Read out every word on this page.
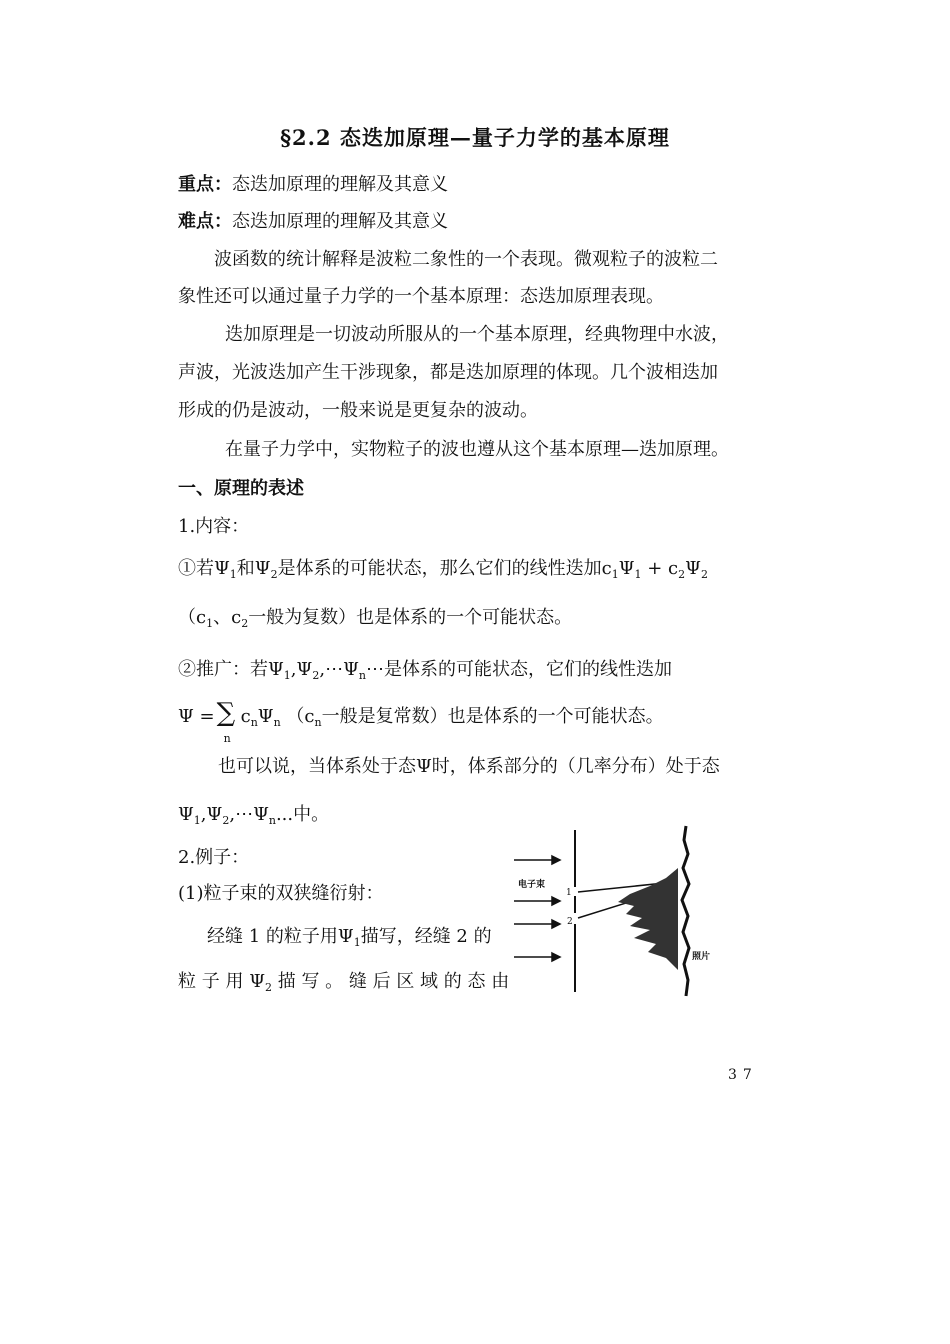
§2.2 态迭加原理—量子力学的基本原理
重点：态迭加原理的理解及其意义
难点：态迭加原理的理解及其意义
波函数的统计解释是波粒二象性的一个表现。微观粒子的波粒二
象性还可以通过量子力学的一个基本原理：态迭加原理表现。
迭加原理是一切波动所服从的一个基本原理，经典物理中水波，
声波，光波迭加产生干涉现象，都是迭加原理的体现。几个波相迭加
形成的仍是波动，一般来说是更复杂的波动。
在量子力学中，实物粒子的波也遵从这个基本原理—迭加原理。
一、原理的表述
1.内容：
①若$\Psi_1$和$\Psi_2$是体系的可能状态，那么它们的线性迭加$c_1\Psi_1 + c_2\Psi_2$
（$c_1$、$c_2$一般为复数）也是体系的一个可能状态。
②推广：若$\Psi_1,\Psi_2,\cdots\Psi_n\cdots$是体系的可能状态，它们的线性迭加
Ψ = ∑
n
$c_n\Psi_n$ （$c_n$一般是复常数）也是体系的一个可能状态。
也可以说，当体系处于态Ψ时，体系部分的（几率分布）处于态
$\Psi_1,\Psi_2,\cdots\Psi_n$...中。
2.例子：
(1)粒子束的双狭缝衍射：
经缝 1 的粒子用$\Psi_1$描写，经缝 2 的
粒 子 用 $\Psi_2$ 描 写 。 缝 后 区 域 的 态 由
电子束
1
2
照片
37
